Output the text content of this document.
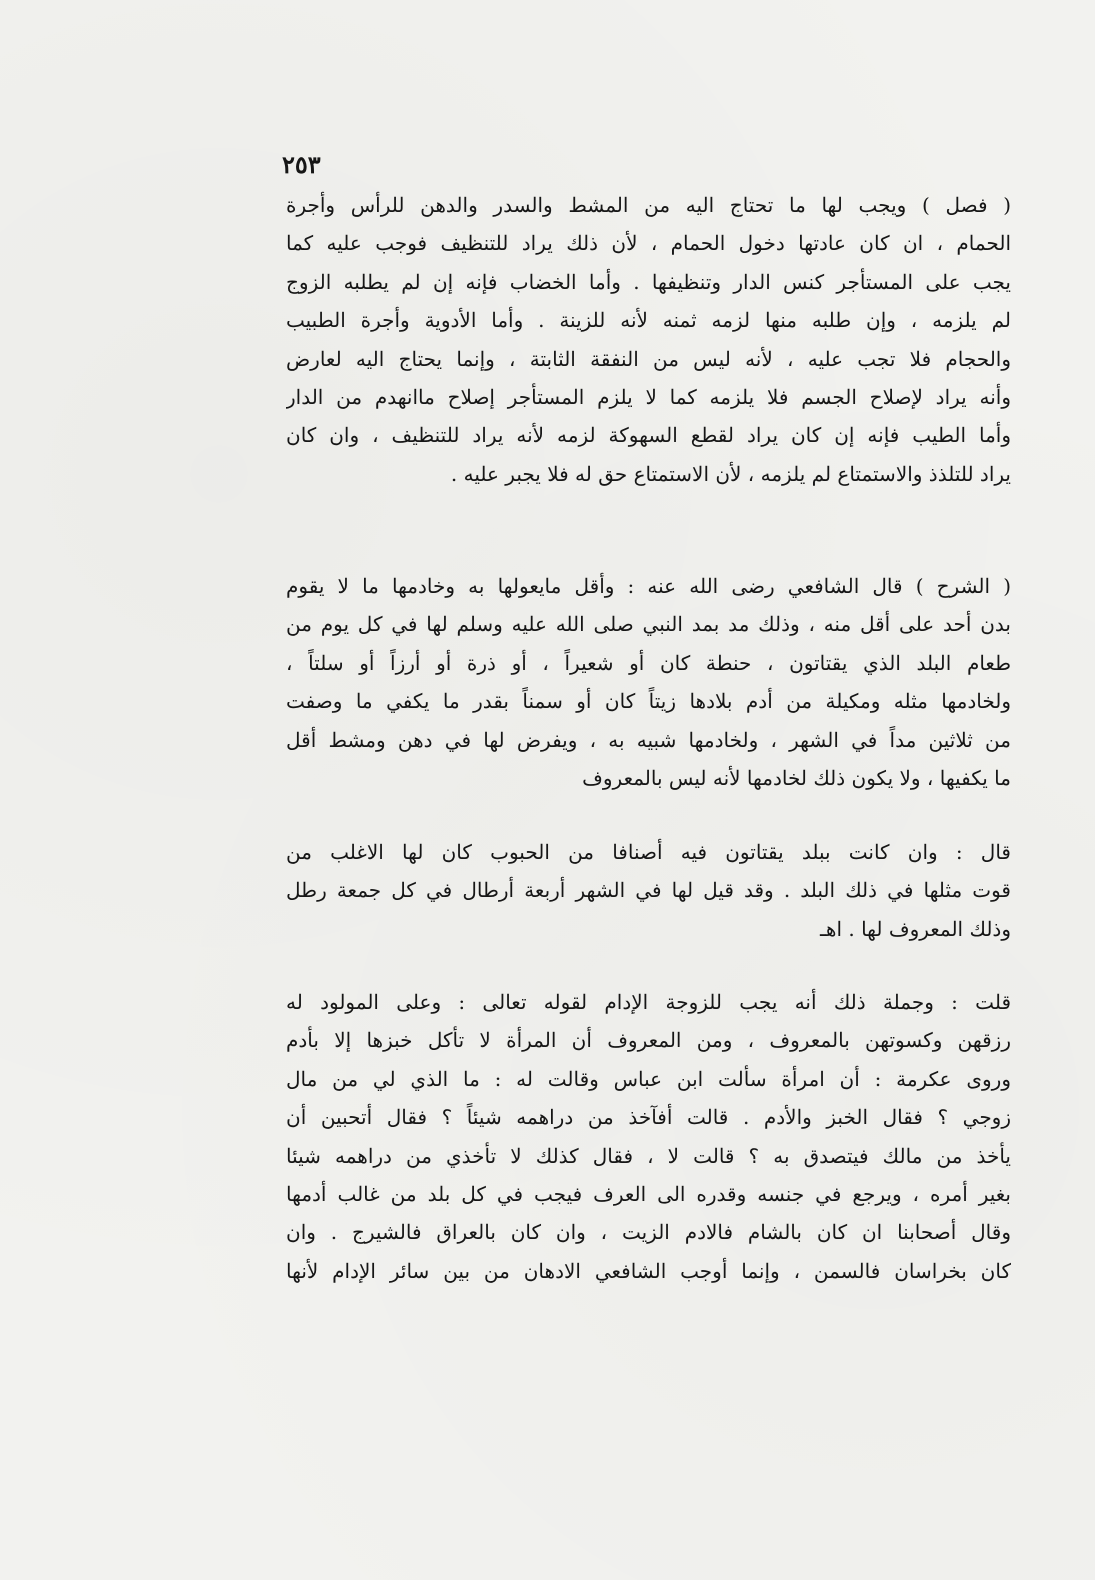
٢٥٣
( فصل ) ويجب لها ما تحتاج اليه من المشط والسدر والدهن للرأس وأجرة
الحمام ، ان كان عادتها دخول الحمام ، لأن ذلك يراد للتنظيف فوجب عليه كما
يجب على المستأجر كنس الدار وتنظيفها . وأما الخضاب فإنه إن لم يطلبه الزوج
لم يلزمه ، وإن طلبه منها لزمه ثمنه لأنه للزينة . وأما الأدوية وأجرة الطبيب
والحجام فلا تجب عليه ، لأنه ليس من النفقة الثابتة ، وإنما يحتاج اليه لعارض
وأنه يراد لإصلاح الجسم فلا يلزمه كما لا يلزم المستأجر إصلاح ماانهدم من الدار
وأما الطيب فإنه إن كان يراد لقطع السهوكة لزمه لأنه يراد للتنظيف ، وان كان
يراد للتلذذ والاستمتاع لم يلزمه ، لأن الاستمتاع حق له فلا يجبر عليه .
( الشرح ) قال الشافعي رضى الله عنه : وأقل مايعولها به وخادمها ما لا يقوم
بدن أحد على أقل منه ، وذلك مد بمد النبي صلى الله عليه وسلم لها في كل يوم من
طعام البلد الذي يقتاتون ، حنطة كان أو شعيراً ، أو ذرة أو أرزاً أو سلتاً ،
ولخادمها مثله ومكيلة من أدم بلادها زيتاً كان أو سمناً بقدر ما يكفي ما وصفت
من ثلاثين مداً في الشهر ، ولخادمها شبيه به ، ويفرض لها في دهن ومشط أقل
ما يكفيها ، ولا يكون ذلك لخادمها لأنه ليس بالمعروف
قال : وان كانت ببلد يقتاتون فيه أصنافا من الحبوب كان لها الاغلب من
قوت مثلها في ذلك البلد . وقد قيل لها في الشهر أربعة أرطال في كل جمعة رطل
وذلك المعروف لها . اهـ
قلت : وجملة ذلك أنه يجب للزوجة الإدام لقوله تعالى : وعلى المولود له
رزقهن وكسوتهن بالمعروف ، ومن المعروف أن المرأة لا تأكل خبزها إلا بأدم
وروى عكرمة : أن امرأة سألت ابن عباس وقالت له : ما الذي لي من مال
زوجي ؟ فقال الخبز والأدم . قالت أفآخذ من دراهمه شيئاً ؟ فقال أتحبين أن
يأخذ من مالك فيتصدق به ؟ قالت لا ، فقال كذلك لا تأخذي من دراهمه شيئا
بغير أمره ، ويرجع في جنسه وقدره الى العرف فيجب في كل بلد من غالب أدمها
وقال أصحابنا ان كان بالشام فالادم الزيت ، وان كان بالعراق فالشيرج . وان
كان بخراسان فالسمن ، وإنما أوجب الشافعي الادهان من بين سائر الإدام لأنها
